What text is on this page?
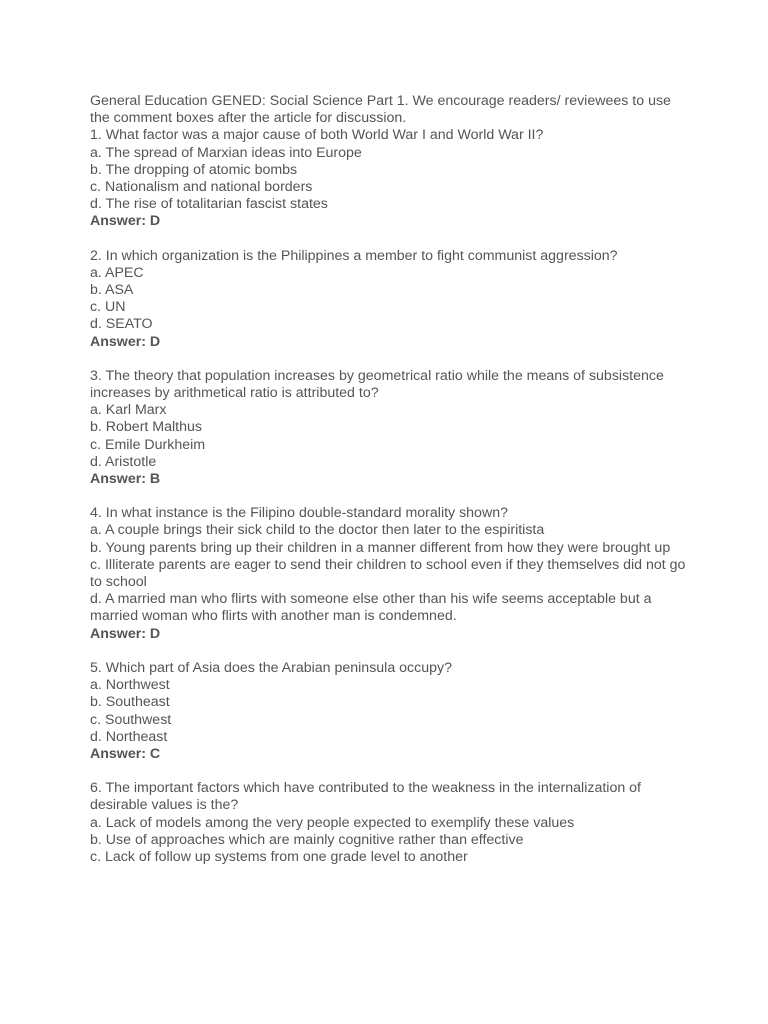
General Education GENED: Social Science Part 1. We encourage readers/ reviewees to use the comment boxes after the article for discussion.

1. What factor was a major cause of both World War I and World War II?

a. The spread of Marxian ideas into Europe

b. The dropping of atomic bombs

c. Nationalism and national borders

d. The rise of totalitarian fascist states

Answer: D

2. In which organization is the Philippines a member to fight communist aggression?

a. APEC

b. ASA

c. UN

d. SEATO

Answer: D

3. The theory that population increases by geometrical ratio while the means of subsistence increases by arithmetical ratio is attributed to?

a. Karl Marx

b. Robert Malthus

c. Emile Durkheim

d. Aristotle

Answer: B

4. In what instance is the Filipino double-standard morality shown?

a. A couple brings their sick child to the doctor then later to the espiritista

b. Young parents bring up their children in a manner different from how they were brought up

c. Illiterate parents are eager to send their children to school even if they themselves did not go to school

d. A married man who flirts with someone else other than his wife seems acceptable but a married woman who flirts with another man is condemned.

Answer: D

5. Which part of Asia does the Arabian peninsula occupy?

a. Northwest

b. Southeast

c. Southwest

d. Northeast

Answer: C

6. The important factors which have contributed to the weakness in the internalization of desirable values is the?

a. Lack of models among the very people expected to exemplify these values

b. Use of approaches which are mainly cognitive rather than effective

c. Lack of follow up systems from one grade level to another
